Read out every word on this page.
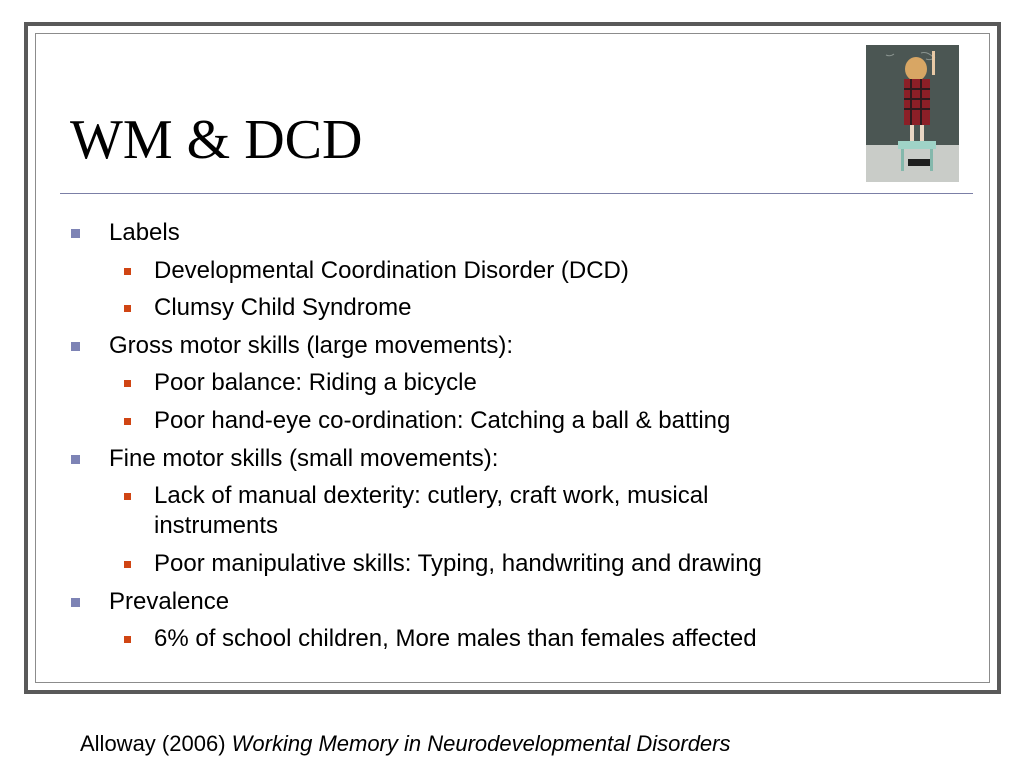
WM & DCD
Labels
Developmental Coordination Disorder (DCD)
Clumsy Child Syndrome
Gross motor skills (large movements):
Poor balance: Riding a bicycle
Poor hand-eye co-ordination: Catching a ball & batting
Fine motor skills (small movements):
Lack of manual dexterity: cutlery, craft work, musical
instruments
Poor manipulative skills: Typing, handwriting and drawing
Prevalence
6% of school children, More males than females affected
Alloway (2006) Working Memory in Neurodevelopmental Disorders
